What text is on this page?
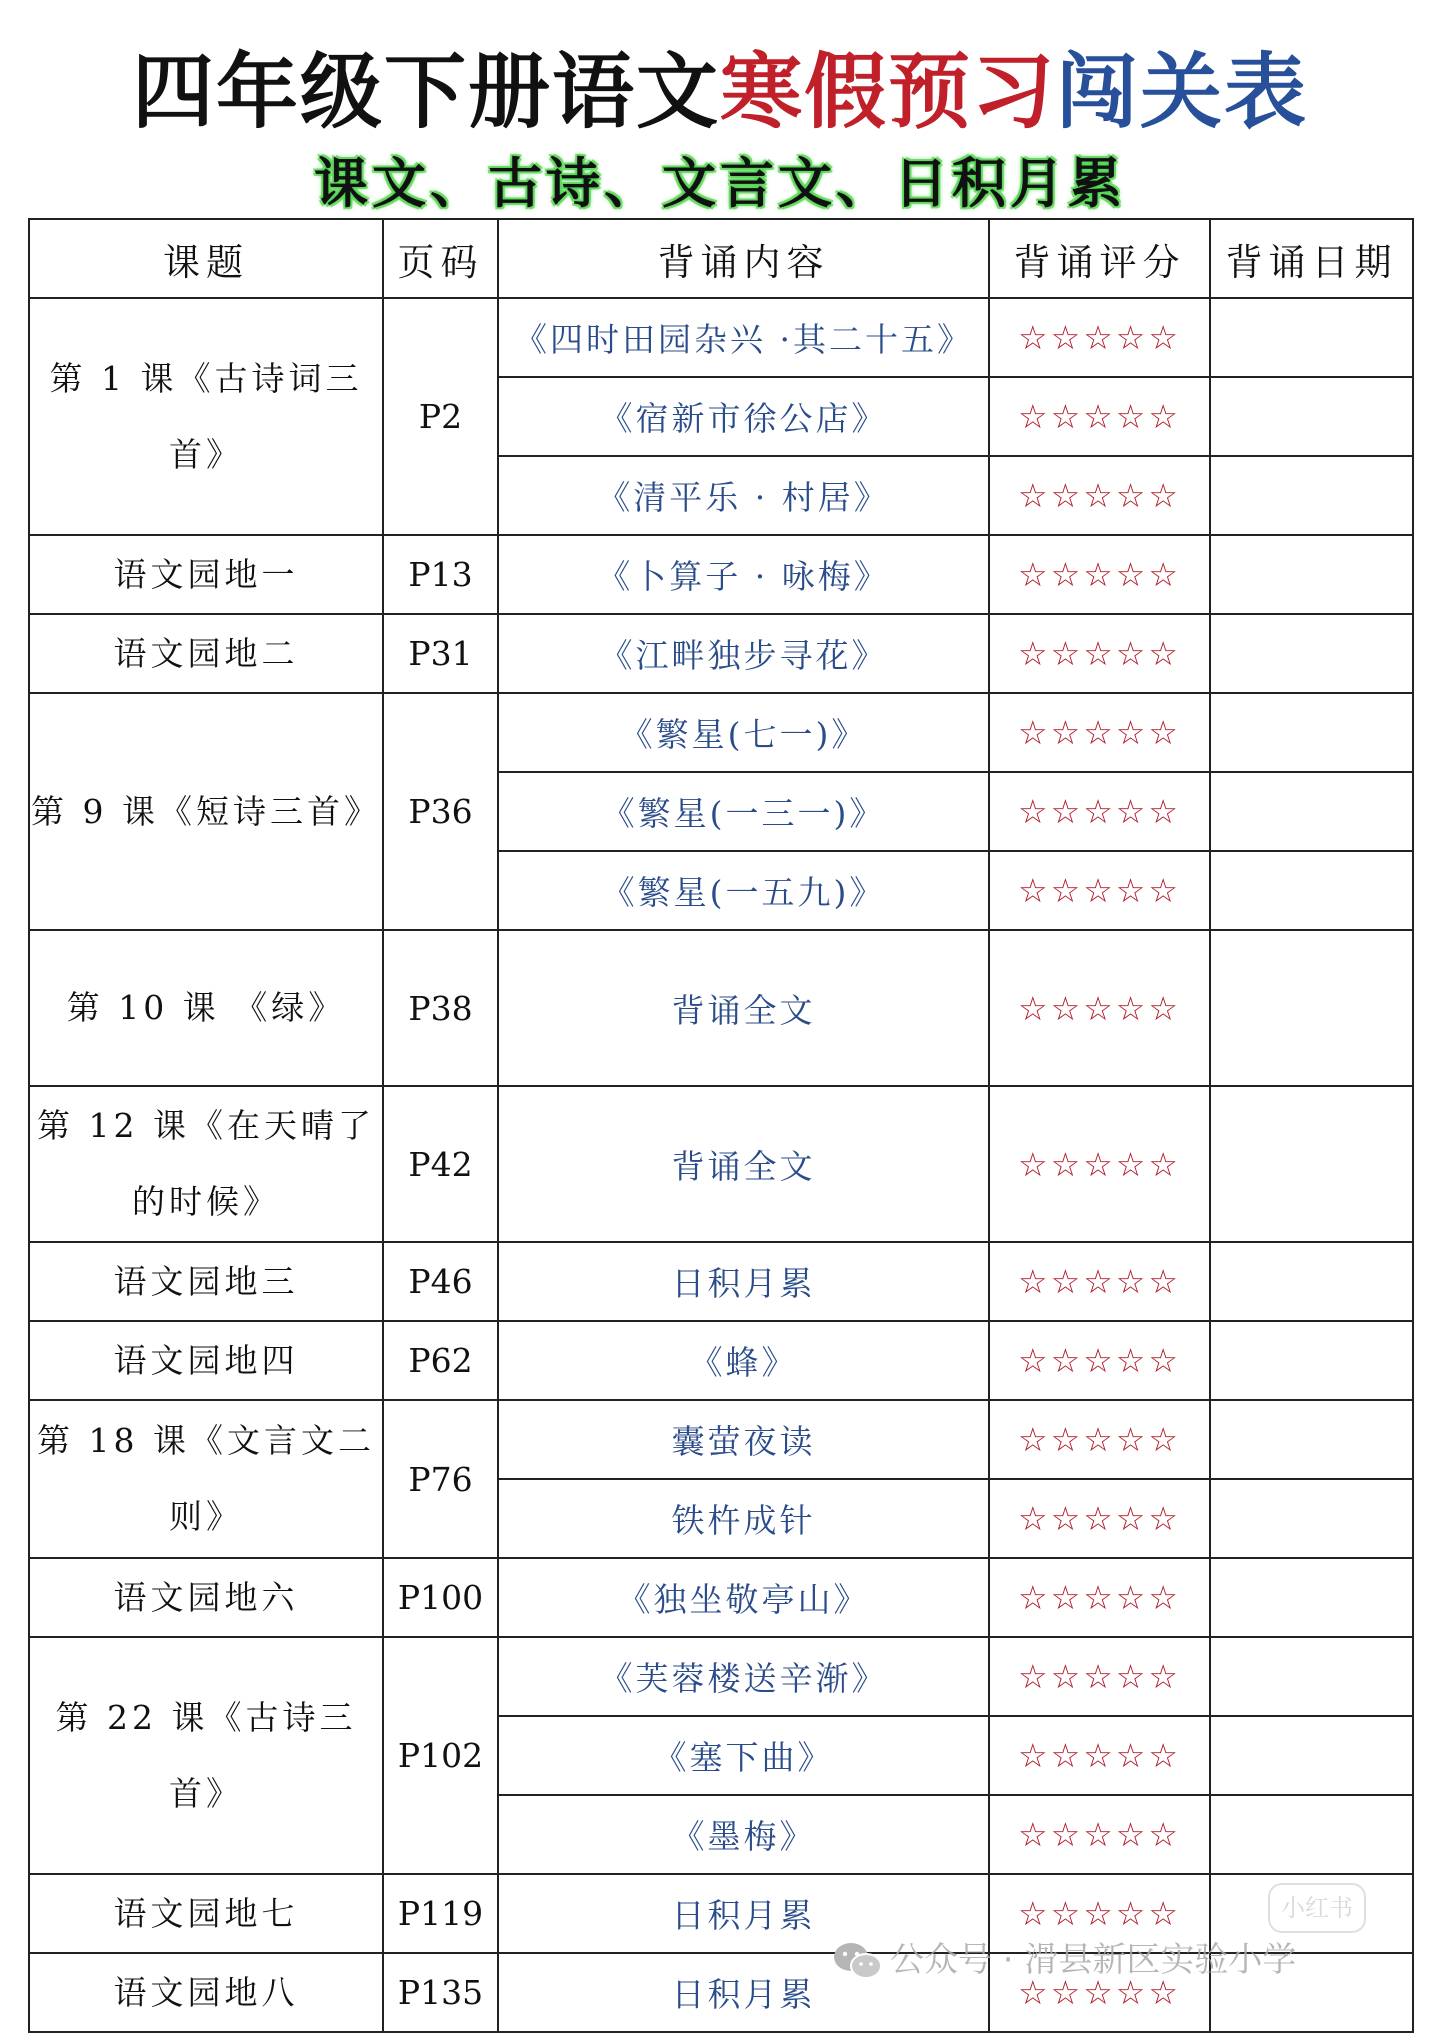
四年级下册语文寒假预习闯关表
课文、古诗、文言文、日积月累
课题	页码	背诵内容	背诵评分	背诵日期
第 1 课《古诗词三首》	P2	《四时田园杂兴 ·其二十五》	☆☆☆☆☆	
		《宿新市徐公店》	☆☆☆☆☆	
		《清平乐 · 村居》	☆☆☆☆☆	
语文园地一	P13	《卜算子 · 咏梅》	☆☆☆☆☆	
语文园地二	P31	《江畔独步寻花》	☆☆☆☆☆	
第 9 课《短诗三首》	P36	《繁星(七一)》	☆☆☆☆☆	
		《繁星(一三一)》	☆☆☆☆☆	
		《繁星(一五九)》	☆☆☆☆☆	
第 10 课 《绿》	P38	背诵全文	☆☆☆☆☆	
第 12 课《在天晴了的时候》	P42	背诵全文	☆☆☆☆☆	
语文园地三	P46	日积月累	☆☆☆☆☆	
语文园地四	P62	《蜂》	☆☆☆☆☆	
第 18 课《文言文二则》	P76	囊萤夜读	☆☆☆☆☆	
		铁杵成针	☆☆☆☆☆	
语文园地六	P100	《独坐敬亭山》	☆☆☆☆☆	
第 22 课《古诗三首》	P102	《芙蓉楼送辛渐》	☆☆☆☆☆	
		《塞下曲》	☆☆☆☆☆	
		《墨梅》	☆☆☆☆☆	
语文园地七	P119	日积月累	☆☆☆☆☆	
语文园地八	P135	日积月累	☆☆☆☆☆	
小红书
公众号 · 滑县新区实验小学
